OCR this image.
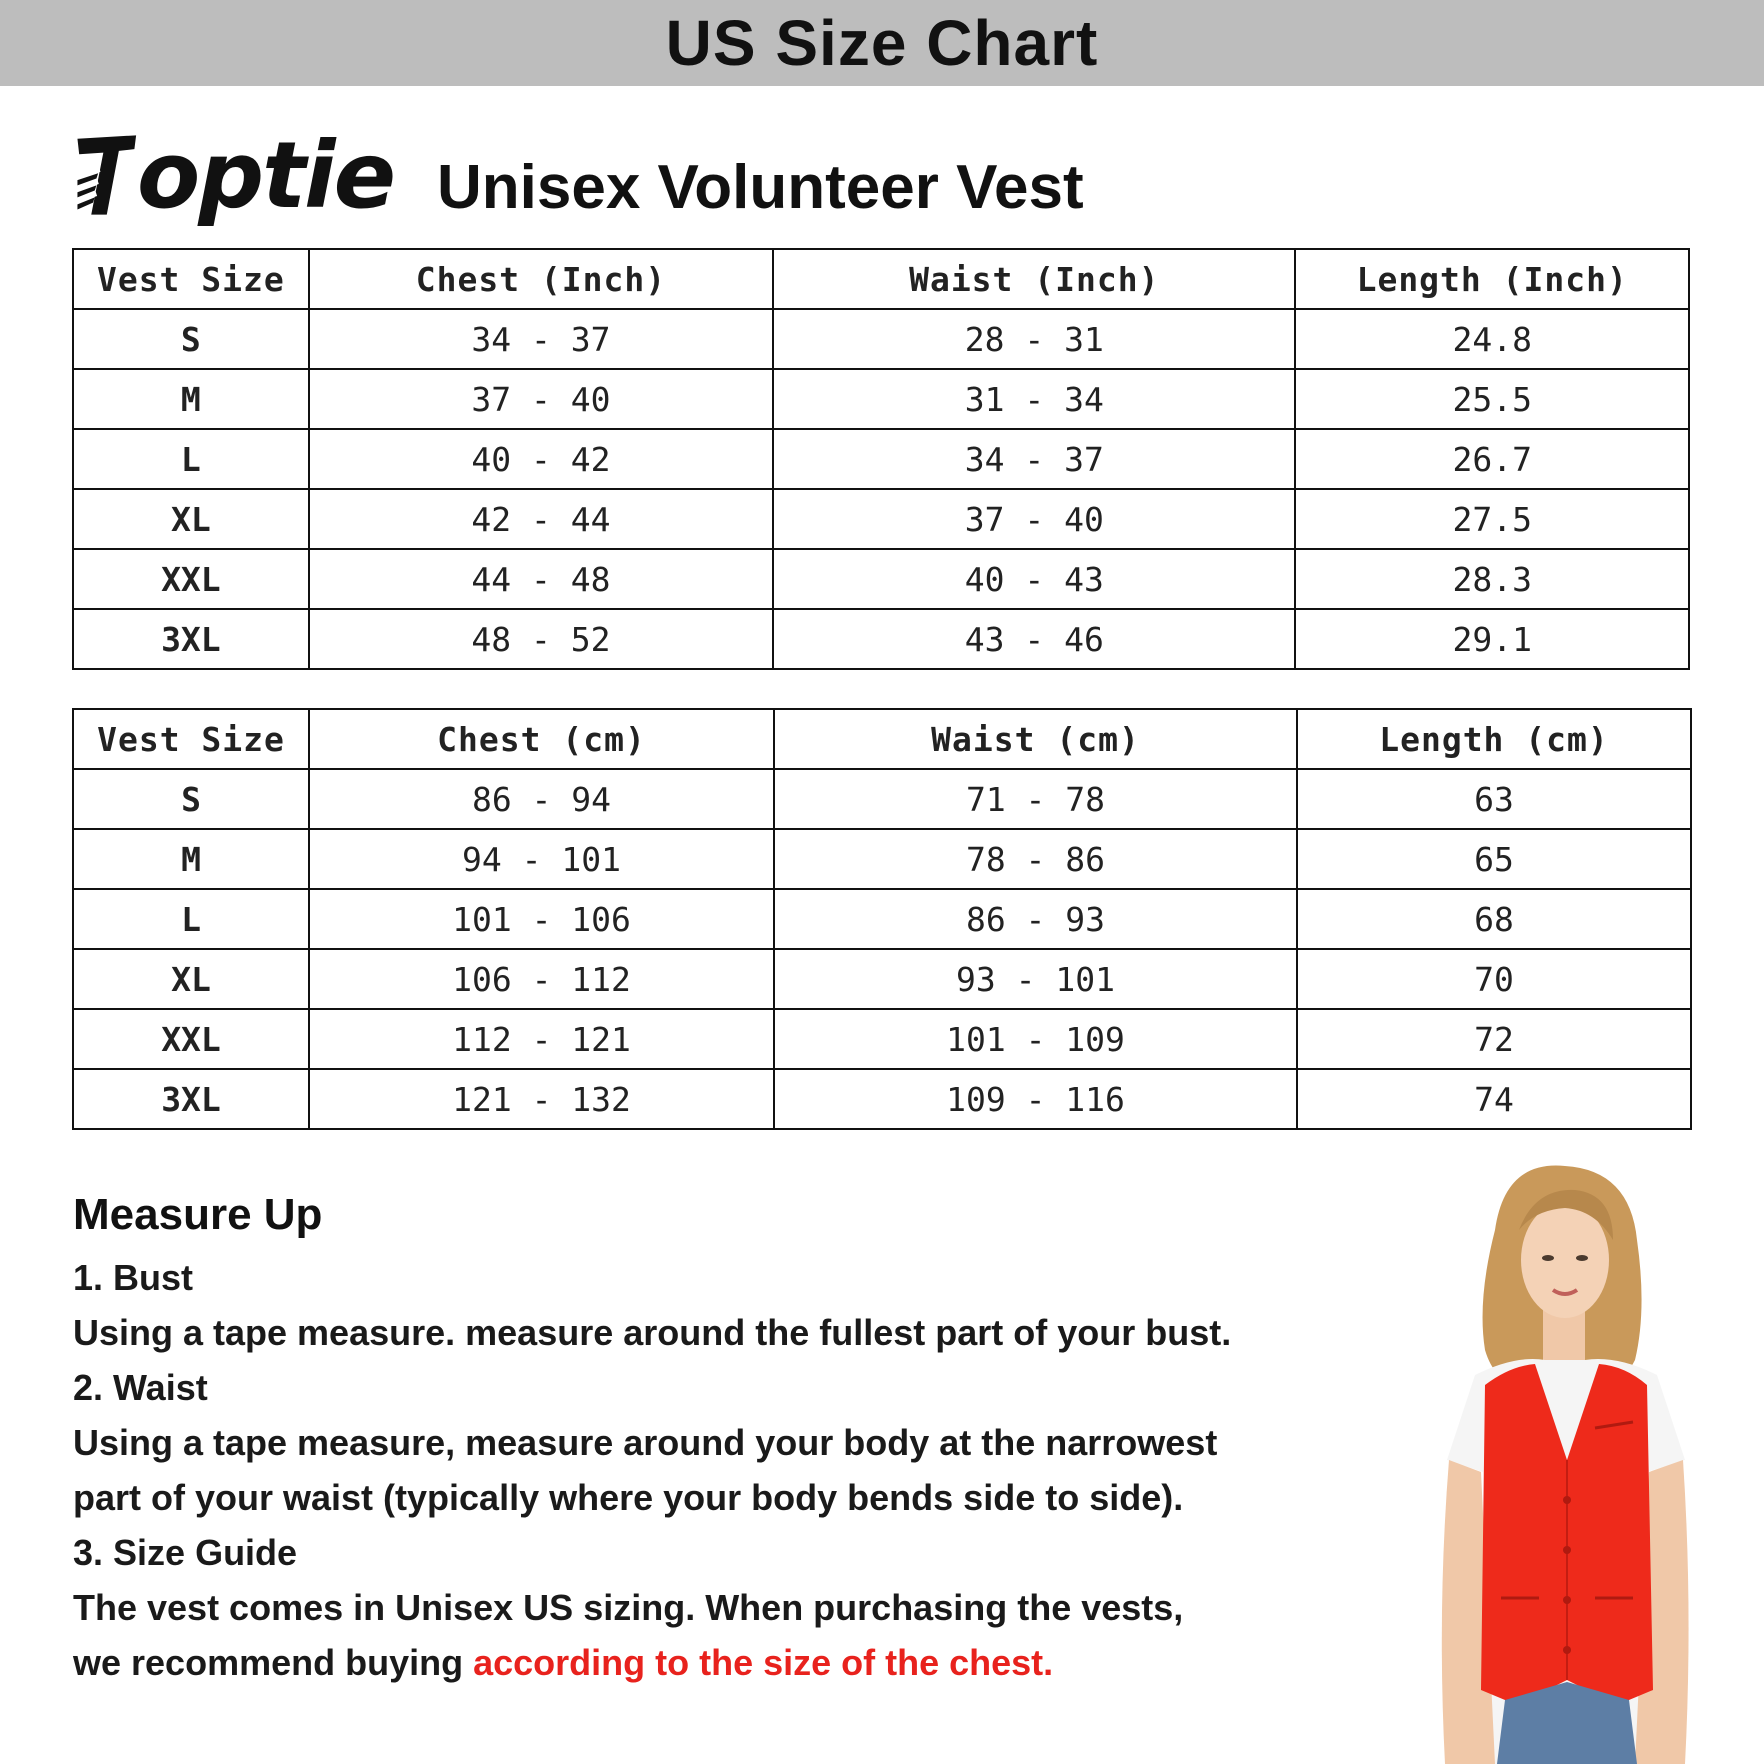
US Size Chart
optie Unisex Volunteer Vest
Vest Size	Chest (Inch)	Waist (Inch)	Length (Inch)
S	34 - 37	28 - 31	24.8
M	37 - 40	31 - 34	25.5
L	40 - 42	34 - 37	26.7
XL	42 - 44	37 - 40	27.5
XXL	44 - 48	40 - 43	28.3
3XL	48 - 52	43 - 46	29.1
Vest Size	Chest (cm)	Waist (cm)	Length (cm)
S	86 - 94	71 - 78	63
M	94 - 101	78 - 86	65
L	101 - 106	86 - 93	68
XL	106 - 112	93 - 101	70
XXL	112 - 121	101 - 109	72
3XL	121 - 132	109 - 116	74
Measure Up

1. Bust

Using a tape measure. measure around the fullest part of your bust.

2. Waist

Using a tape measure, measure around your body at the narrowest

part of your waist (typically where your body bends side to side).

3. Size Guide

The vest comes in Unisex US sizing. When purchasing the vests,

we recommend buying according to the size of the chest.
